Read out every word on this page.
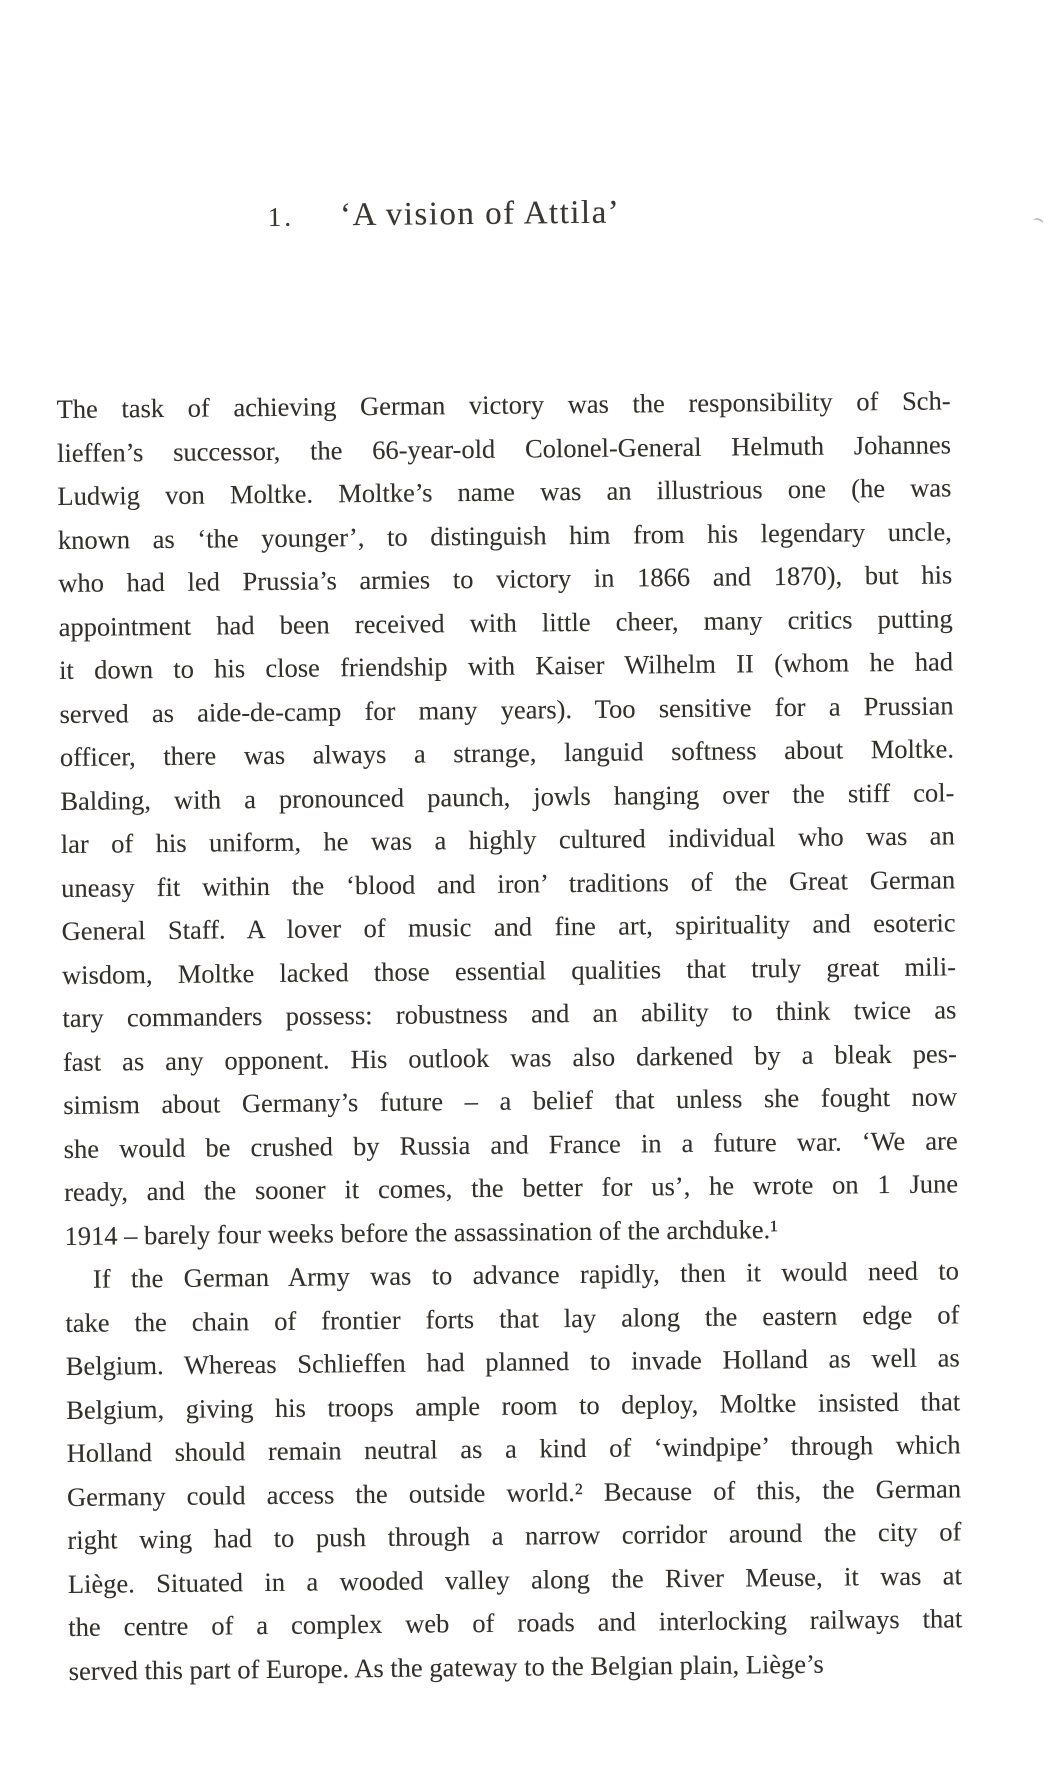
1. ‘A vision of Attila’
The task of achieving German victory was the responsibility of Sch-
lieffen’s successor, the 66-year-old Colonel-General Helmuth Johannes
Ludwig von Moltke. Moltke’s name was an illustrious one (he was
known as ‘the younger’, to distinguish him from his legendary uncle,
who had led Prussia’s armies to victory in 1866 and 1870), but his
appointment had been received with little cheer, many critics putting
it down to his close friendship with Kaiser Wilhelm II (whom he had
served as aide-de-camp for many years). Too sensitive for a Prussian
officer, there was always a strange, languid softness about Moltke.
Balding, with a pronounced paunch, jowls hanging over the stiff col-
lar of his uniform, he was a highly cultured individual who was an
uneasy fit within the ‘blood and iron’ traditions of the Great German
General Staff. A lover of music and fine art, spirituality and esoteric
wisdom, Moltke lacked those essential qualities that truly great mili-
tary commanders possess: robustness and an ability to think twice as
fast as any opponent. His outlook was also darkened by a bleak pes-
simism about Germany’s future – a belief that unless she fought now
she would be crushed by Russia and France in a future war. ‘We are
ready, and the sooner it comes, the better for us’, he wrote on 1 June
1914 – barely four weeks before the assassination of the archduke.¹
If the German Army was to advance rapidly, then it would need to
take the chain of frontier forts that lay along the eastern edge of
Belgium. Whereas Schlieffen had planned to invade Holland as well as
Belgium, giving his troops ample room to deploy, Moltke insisted that
Holland should remain neutral as a kind of ‘windpipe’ through which
Germany could access the outside world.² Because of this, the German
right wing had to push through a narrow corridor around the city of
Liège. Situated in a wooded valley along the River Meuse, it was at
the centre of a complex web of roads and interlocking railways that
served this part of Europe. As the gateway to the Belgian plain, Liège’s
